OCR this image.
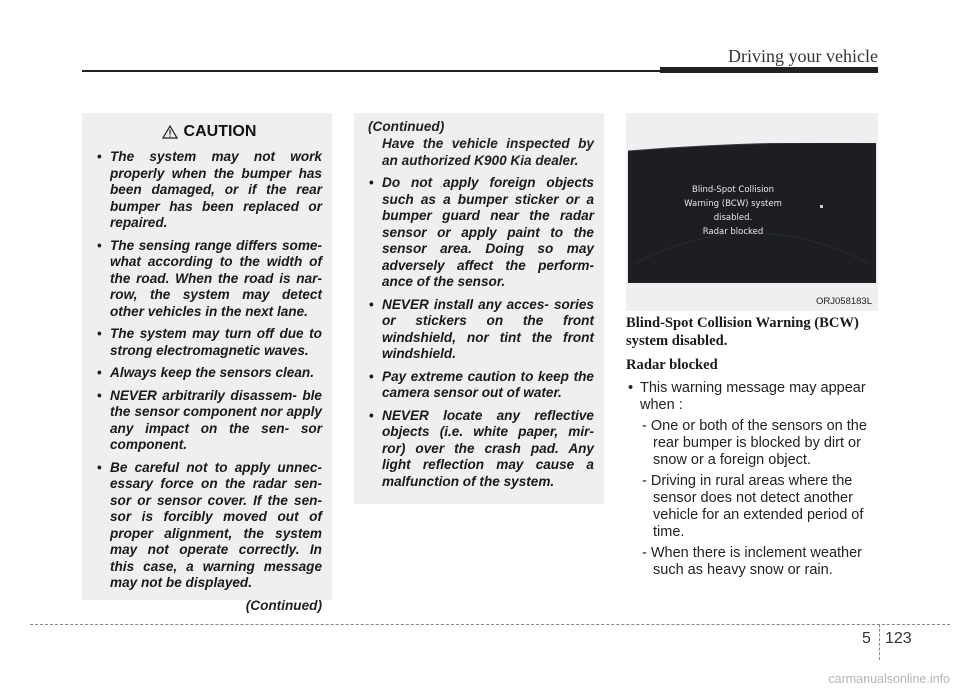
Driving your vehicle
CAUTION
• The system may not work properly when the bumper has been damaged, or if the rear bumper has been replaced or repaired.
• The sensing range differs some- what according to the width of the road. When the road is nar- row, the system may detect other vehicles in the next lane.
• The system may turn off due to strong electromagnetic waves.
• Always keep the sensors clean.
• NEVER arbitrarily disassem- ble the sensor component nor apply any impact on the sen- sor component.
• Be careful not to apply unnec- essary force on the radar sen- sor or sensor cover. If the sen- sor is forcibly moved out of proper alignment, the system may not operate correctly. In this case, a warning message may not be displayed.
(Continued)
(Continued)
Have the vehicle inspected by an authorized K900 Kia dealer.
• Do not apply foreign objects such as a bumper sticker or a bumper guard near the radar sensor or apply paint to the sensor area. Doing so may adversely affect the perform- ance of the sensor.
• NEVER install any acces- sories or stickers on the front windshield, nor tint the front windshield.
• Pay extreme caution to keep the camera sensor out of water.
• NEVER locate any reflective objects (i.e. white paper, mir- ror) over the crash pad. Any light reflection may cause a malfunction of the system.
Blind-Spot Collision
Warning (BCW) system
disabled.
Radar blocked
ORJ058183L
Blind-Spot Collision Warning (BCW) system disabled.
Radar blocked
• This warning message may appear when :
- One or both of the sensors on the rear bumper is blocked by dirt or snow or a foreign object.
- Driving in rural areas where the sensor does not detect another vehicle for an extended period of time.
- When there is inclement weather such as heavy snow or rain.
5 123
carmanualsonline.info
